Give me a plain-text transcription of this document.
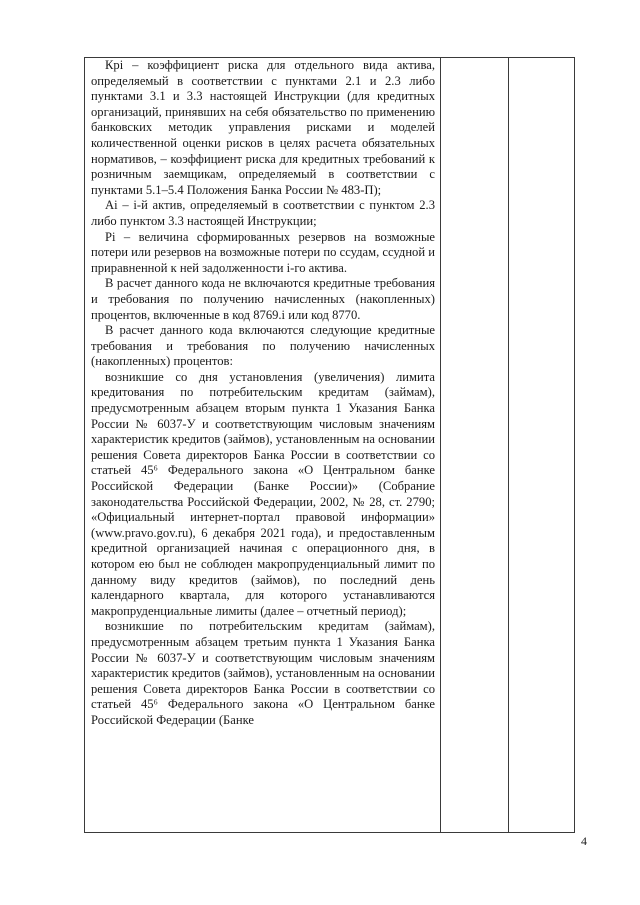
Крi – коэффициент риска для отдельного вида актива, определяемый в соответствии с пунктами 2.1 и 2.3 либо пунктами 3.1 и 3.3 настоящей Инструкции (для кредитных организаций, принявших на себя обязательство по применению банковских методик управления рисками и моделей количественной оценки рисков в целях расчета обязательных нормативов, – коэффициент риска для кредитных требований к розничным заемщикам, определяемый в соответствии с пунктами 5.1–5.4 Положения Банка России № 483-П);

Ai – i-й актив, определяемый в соответствии с пунктом 2.3 либо пунктом 3.3 настоящей Инструкции;

Pi – величина сформированных резервов на возможные потери или резервов на возможные потери по ссудам, ссудной и приравненной к ней задолженности i-го актива.

В расчет данного кода не включаются кредитные требования и требования по получению начисленных (накопленных) процентов, включенные в код 8769.i или код 8770.

В расчет данного кода включаются следующие кредитные требования и требования по получению начисленных (накопленных) процентов:

возникшие со дня установления (увеличения) лимита кредитования по потребительским кредитам (займам), предусмотренным абзацем вторым пункта 1 Указания Банка России № 6037-У и соответствующим числовым значениям характеристик кредитов (займов), установленным на основании решения Совета директоров Банка России в соответствии со статьей 45⁶ Федерального закона «О Центральном банке Российской Федерации (Банке России)» (Собрание законодательства Российской Федерации, 2002, № 28, ст. 2790; «Официальный интернет-портал правовой информации» (www.pravo.gov.ru), 6 декабря 2021 года), и предоставленным кредитной организацией начиная с операционного дня, в котором ею был не соблюден макропруденциальный лимит по данному виду кредитов (займов), по последний день календарного квартала, для которого устанавливаются макропруденциальные лимиты (далее – отчетный период);

возникшие по потребительским кредитам (займам), предусмотренным абзацем третьим пункта 1 Указания Банка России № 6037-У и соответствующим числовым значениям характеристик кредитов (займов), установленным на основании решения Совета директоров Банка России в соответствии со статьей 45⁶ Федерального закона «О Центральном банке Российской Федерации (Банке

4
